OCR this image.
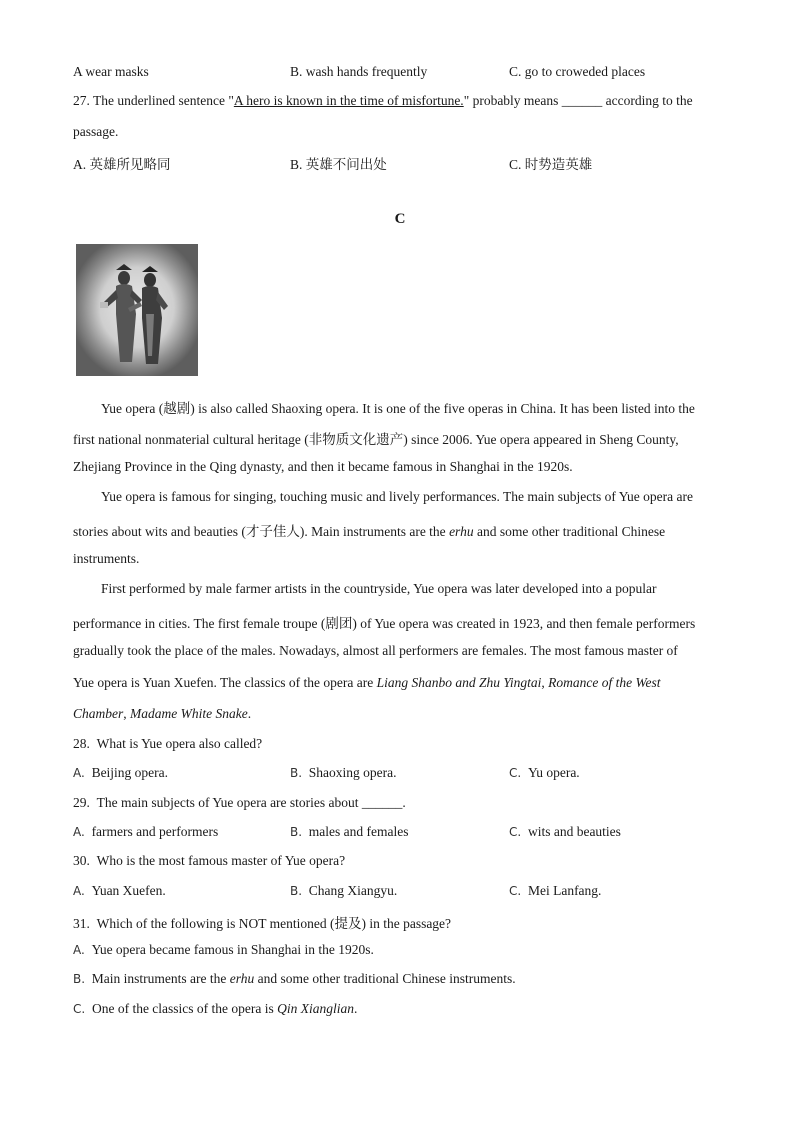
A wear masks	B. wash hands frequently	C. go to croweded places
27. The underlined sentence "A hero is known in the time of misfortune." probably means ______ according to the
passage.
A. 英雄所见略同	B. 英雄不问出处	C. 时势造英雄
C
Yue opera (越剧) is also called Shaoxing opera. It is one of the five operas in China. It has been listed into the
first national nonmaterial cultural heritage (非物质文化遗产) since 2006. Yue opera appeared in Sheng County,
Zhejiang Province in the Qing dynasty, and then it became famous in Shanghai in the 1920s.
Yue opera is famous for singing, touching music and lively performances. The main subjects of Yue opera are
stories about wits and beauties (才子佳人). Main instruments are the erhu and some other traditional Chinese
instruments.
First performed by male farmer artists in the countryside, Yue opera was later developed into a popular
performance in cities. The first female troupe (剧团) of Yue opera was created in 1923, and then female performers
gradually took the place of the males. Nowadays, almost all performers are females. The most famous master of
Yue opera is Yuan Xuefen. The classics of the opera are Liang Shanbo and Zhu Yingtai, Romance of the West
Chamber, Madame White Snake.
28. What is Yue opera also called?
A. Beijing opera.	B. Shaoxing opera.	C. Yu opera.
29. The main subjects of Yue opera are stories about ______.
A. farmers and performers	B. males and females	C. wits and beauties
30. Who is the most famous master of Yue opera?
A. Yuan Xuefen.	B. Chang Xiangyu.	C. Mei Lanfang.
31. Which of the following is NOT mentioned (提及) in the passage?
A. Yue opera became famous in Shanghai in the 1920s.
B. Main instruments are the erhu and some other traditional Chinese instruments.
C. One of the classics of the opera is Qin Xianglian.
